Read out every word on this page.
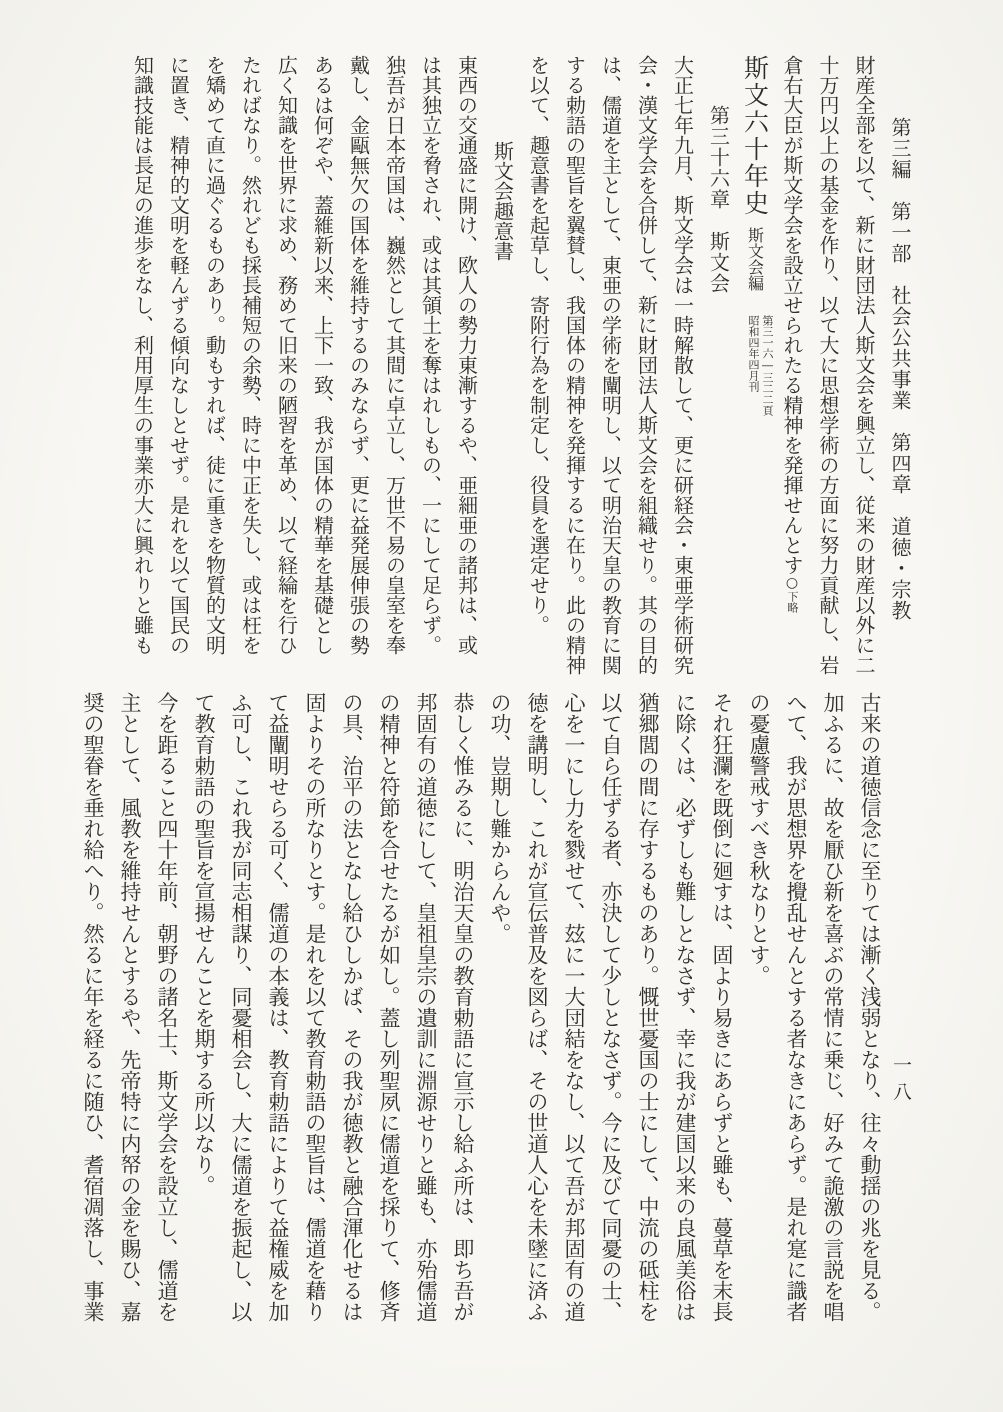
第三編　第一部　社会公共事業　第四章　道徳・宗教

財産全部を以て、新に財団法人斯文会を興立し、従来の財産以外に二

十万円以上の基金を作り、以て大に思想学術の方面に努力貢献し、岩

倉右大臣が斯文学会を設立せられたる精神を発揮せんとす○下略

斯文六十年史斯文会編
第三一六―三二二頁
昭和四年四月刊

第三十六章　斯文会

大正七年九月、斯文学会は一時解散して、更に研経会・東亜学術研究

会・漢文学会を合併して、新に財団法人斯文会を組織せり。其の目的

は、儒道を主として、東亜の学術を闡明し、以て明治天皇の教育に関

する勅語の聖旨を翼賛し、我国体の精神を発揮するに在り。此の精神

を以て、趣意書を起草し、寄附行為を制定し、役員を選定せり。

斯文会趣意書

東西の交通盛に開け、欧人の勢力東漸するや、亜細亜の諸邦は、或

は其独立を脅され、或は其領土を奪はれしもの、一にして足らず。

独吾が日本帝国は、巍然として其間に卓立し、万世不易の皇室を奉

戴し、金甌無欠の国体を維持するのみならず、更に益発展伸張の勢

あるは何ぞや、蓋維新以来、上下一致、我が国体の精華を基礎とし

広く知識を世界に求め、務めて旧来の陋習を革め、以て経綸を行ひ

たればなり。然れども採長補短の余勢、時に中正を失し、或は枉を

を矯めて直に過ぐるものあり。動もすれば、徒に重きを物質的文明

に置き、精神的文明を軽んずる傾向なしとせず。是れを以て国民の

知識技能は長足の進歩をなし、利用厚生の事業亦大に興れりと雖も

一八

古来の道徳信念に至りては漸く浅弱となり、往々動揺の兆を見る。

加ふるに、故を厭ひ新を喜ぶの常情に乗じ、好みて詭激の言説を唱

へて、我が思想界を攪乱せんとする者なきにあらず。是れ寔に識者

の憂慮警戒すべき秋なりとす。

それ狂瀾を既倒に廻すは、固より易きにあらずと雖も、蔓草を末長

に除くは、必ずしも難しとなさず、幸に我が建国以来の良風美俗は

猶郷閭の間に存するものあり。慨世憂国の士にして、中流の砥柱を

以て自ら任ずる者、亦決して少しとなさず。今に及びて同憂の士、

心を一にし力を戮せて、玆に一大団結をなし、以て吾が邦固有の道

徳を講明し、これが宣伝普及を図らば、その世道人心を未墜に済ふ

の功、豈期し難からんや。

恭しく惟みるに、明治天皇の教育勅語に宣示し給ふ所は、即ち吾が

邦固有の道徳にして、皇祖皇宗の遺訓に淵源せりと雖も、亦殆儒道

の精神と符節を合せたるが如し。蓋し列聖夙に儒道を採りて、修斉

の具、治平の法となし給ひしかば、その我が徳教と融合渾化せるは

固よりその所なりとす。是れを以て教育勅語の聖旨は、儒道を藉り

て益闡明せらる可く、儒道の本義は、教育勅語によりて益権威を加

ふ可し、これ我が同志相謀り、同憂相会し、大に儒道を振起し、以

て教育勅語の聖旨を宣揚せんことを期する所以なり。

今を距ること四十年前、朝野の諸名士、斯文学会を設立し、儒道を

主として、風教を維持せんとするや、先帝特に内帑の金を賜ひ、嘉

奨の聖眷を垂れ給へり。然るに年を経るに随ひ、耆宿凋落し、事業
